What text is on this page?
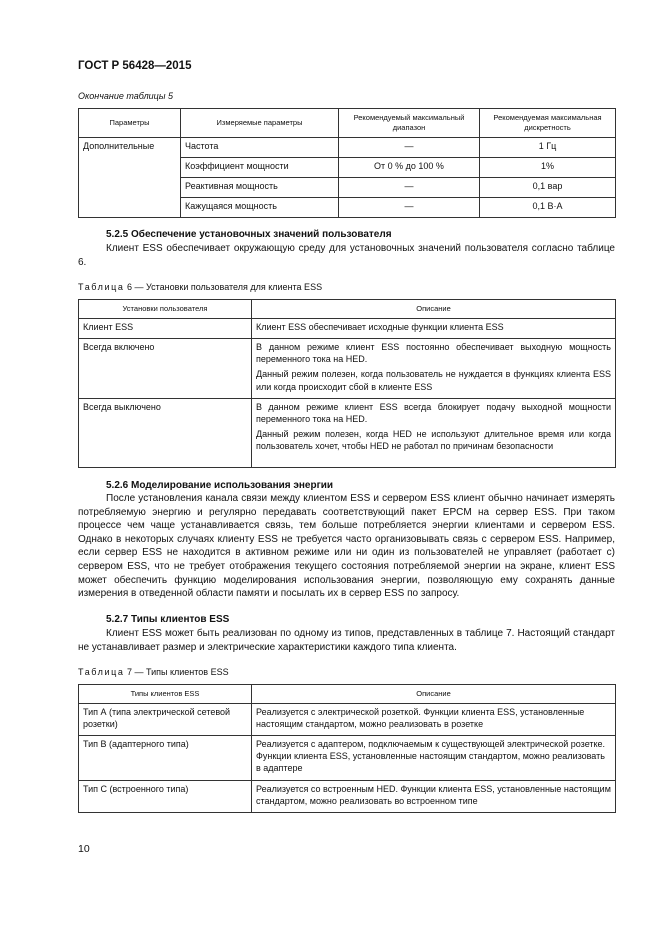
ГОСТ Р 56428—2015
Окончание таблицы 5
Параметры	Измеряемые параметры	Рекомендуемый максимальный диапазон	Рекомендуемая максимальная дискретность
Дополнительные	Частота	—	1 Гц
	Коэффициент мощности	От 0 % до 100 %	1%
	Реактивная мощность	—	0,1 вар
	Кажущаяся мощность	—	0,1 В·А
5.2.5 Обеспечение установочных значений пользователя
Клиент ESS обеспечивает окружающую среду для установочных значений пользователя согласно таблице 6.
Таблица 6 — Установки пользователя для клиента ESS
Установки пользователя	Описание
Клиент ESS	Клиент ESS обеспечивает исходные функции клиента ESS

Всегда включено	В данном режиме клиент ESS постоянно обеспечивает выходную мощность переменного тока на HED.

Данный режим полезен, когда пользователь не нуждается в функциях клиента ESS или когда происходит сбой в клиенте ESS

Всегда выключено	В данном режиме клиент ESS всегда блокирует подачу выходной мощности переменного тока на HED.

Данный режим полезен, когда HED не используют длительное время или когда пользователь хочет, чтобы HED не работал по причинам безопасности

5.2.6 Моделирование использования энергии
После установления канала связи между клиентом ESS и сервером ESS клиент обычно начинает измерять потребляемую энергию и регулярно передавать соответствующий пакет EPCM на сервер ESS. При таком процессе чем чаще устанавливается связь, тем больше потребляется энергии клиентами и сервером ESS. Однако в некоторых случаях клиенту ESS не требуется часто организовывать связь с сервером ESS. Например, если сервер ESS не находится в активном режиме или ни один из пользователей не управляет (работает с) сервером ESS, что не требует отображения текущего состояния потребляемой энергии на экране, клиент ESS может обеспечить функцию моделирования использования энергии, позволяющую ему сохранять данные измерения в отведенной области памяти и посылать их в сервер ESS по запросу.
5.2.7 Типы клиентов ESS
Клиент ESS может быть реализован по одному из типов, представленных в таблице 7. Настоящий стандарт не устанавливает размер и электрические характеристики каждого типа клиента.
Таблица 7 — Типы клиентов ESS
Типы клиентов ESS	Описание
Тип А (типа электрической сетевой розетки)	Реализуется с электрической розеткой. Функции клиента ESS, установленные настоящим стандартом, можно реализовать в розетке
Тип В (адаптерного типа)	Реализуется с адаптером, подключаемым к существующей электрической розетке. Функции клиента ESS, установленные настоящим стандартом, можно реализовать в адаптере
Тип С (встроенного типа)	Реализуется со встроенным HED. Функции клиента ESS, установленные настоящим стандартом, можно реализовать во встроенном типе
10
